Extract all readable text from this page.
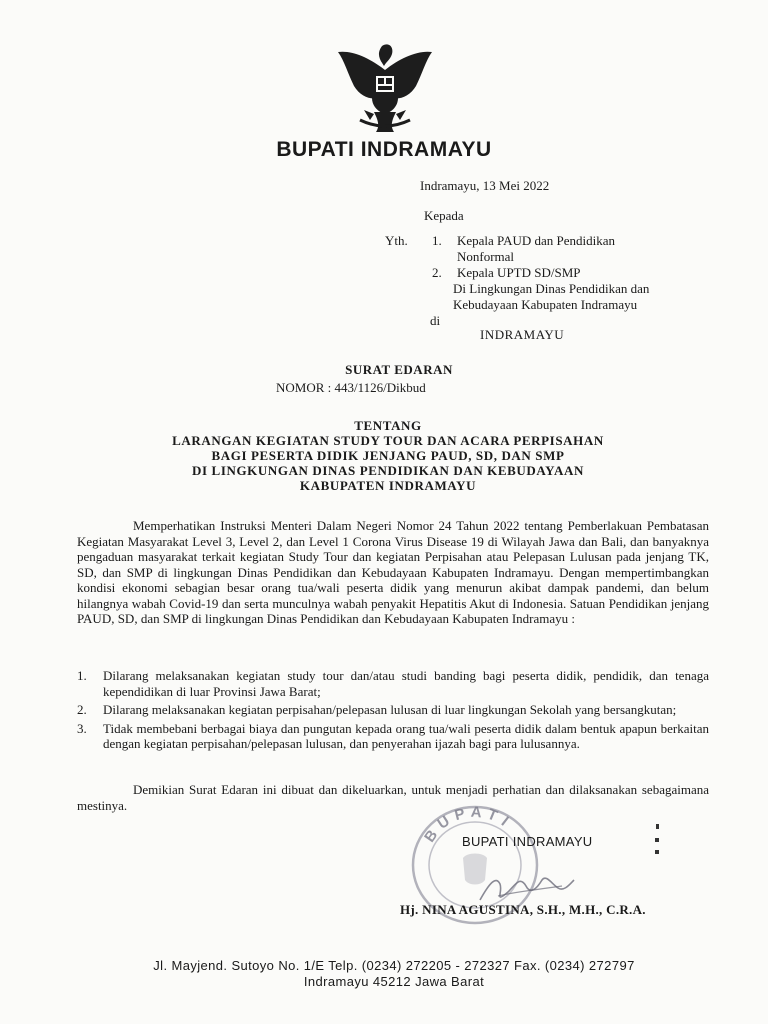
BUPATI INDRAMAYU
Indramayu, 13 Mei 2022
Kepada
Yth. 1. Kepala PAUD dan Pendidikan
Nonformal
2. Kepala UPTD SD/SMP
Di Lingkungan Dinas Pendidikan dan
Kebudayaan Kabupaten Indramayu
di
INDRAMAYU
SURAT EDARAN
NOMOR : 443/1126/Dikbud
TENTANG
LARANGAN KEGIATAN STUDY TOUR DAN ACARA PERPISAHAN
BAGI PESERTA DIDIK JENJANG PAUD, SD, DAN SMP
DI LINGKUNGAN DINAS PENDIDIKAN DAN KEBUDAYAAN
KABUPATEN INDRAMAYU

Memperhatikan Instruksi Menteri Dalam Negeri Nomor 24 Tahun 2022 tentang Pemberlakuan Pembatasan Kegiatan Masyarakat Level 3, Level 2, dan Level 1 Corona Virus Disease 19 di Wilayah Jawa dan Bali, dan banyaknya pengaduan masyarakat terkait kegiatan Study Tour dan kegiatan Perpisahan atau Pelepasan Lulusan pada jenjang TK, SD, dan SMP di lingkungan Dinas Pendidikan dan Kebudayaan Kabupaten Indramayu. Dengan mempertimbangkan kondisi ekonomi sebagian besar orang tua/wali peserta didik yang menurun akibat dampak pandemi, dan belum hilangnya wabah Covid-19 dan serta munculnya wabah penyakit Hepatitis Akut di Indonesia. Satuan Pendidikan jenjang PAUD, SD, dan SMP di lingkungan Dinas Pendidikan dan Kebudayaan Kabupaten Indramayu :

1. Dilarang melaksanakan kegiatan study tour dan/atau studi banding bagi peserta didik, pendidik, dan tenaga kependidikan di luar Provinsi Jawa Barat;
2. Dilarang melaksanakan kegiatan perpisahan/pelepasan lulusan di luar lingkungan Sekolah yang bersangkutan;
3. Tidak membebani berbagai biaya dan pungutan kepada orang tua/wali peserta didik dalam bentuk apapun berkaitan dengan kegiatan perpisahan/pelepasan lulusan, dan penyerahan ijazah bagi para lulusannya.

Demikian Surat Edaran ini dibuat dan dikeluarkan, untuk menjadi perhatian dan dilaksanakan sebagaimana mestinya.

BUPATI
BUPATI INDRAMAYU
Hj. NINA AGUSTINA, S.H., M.H., C.R.A.
Jl. Mayjend. Sutoyo No. 1/E Telp. (0234) 272205 - 272327 Fax. (0234) 272797
Indramayu 45212 Jawa Barat
